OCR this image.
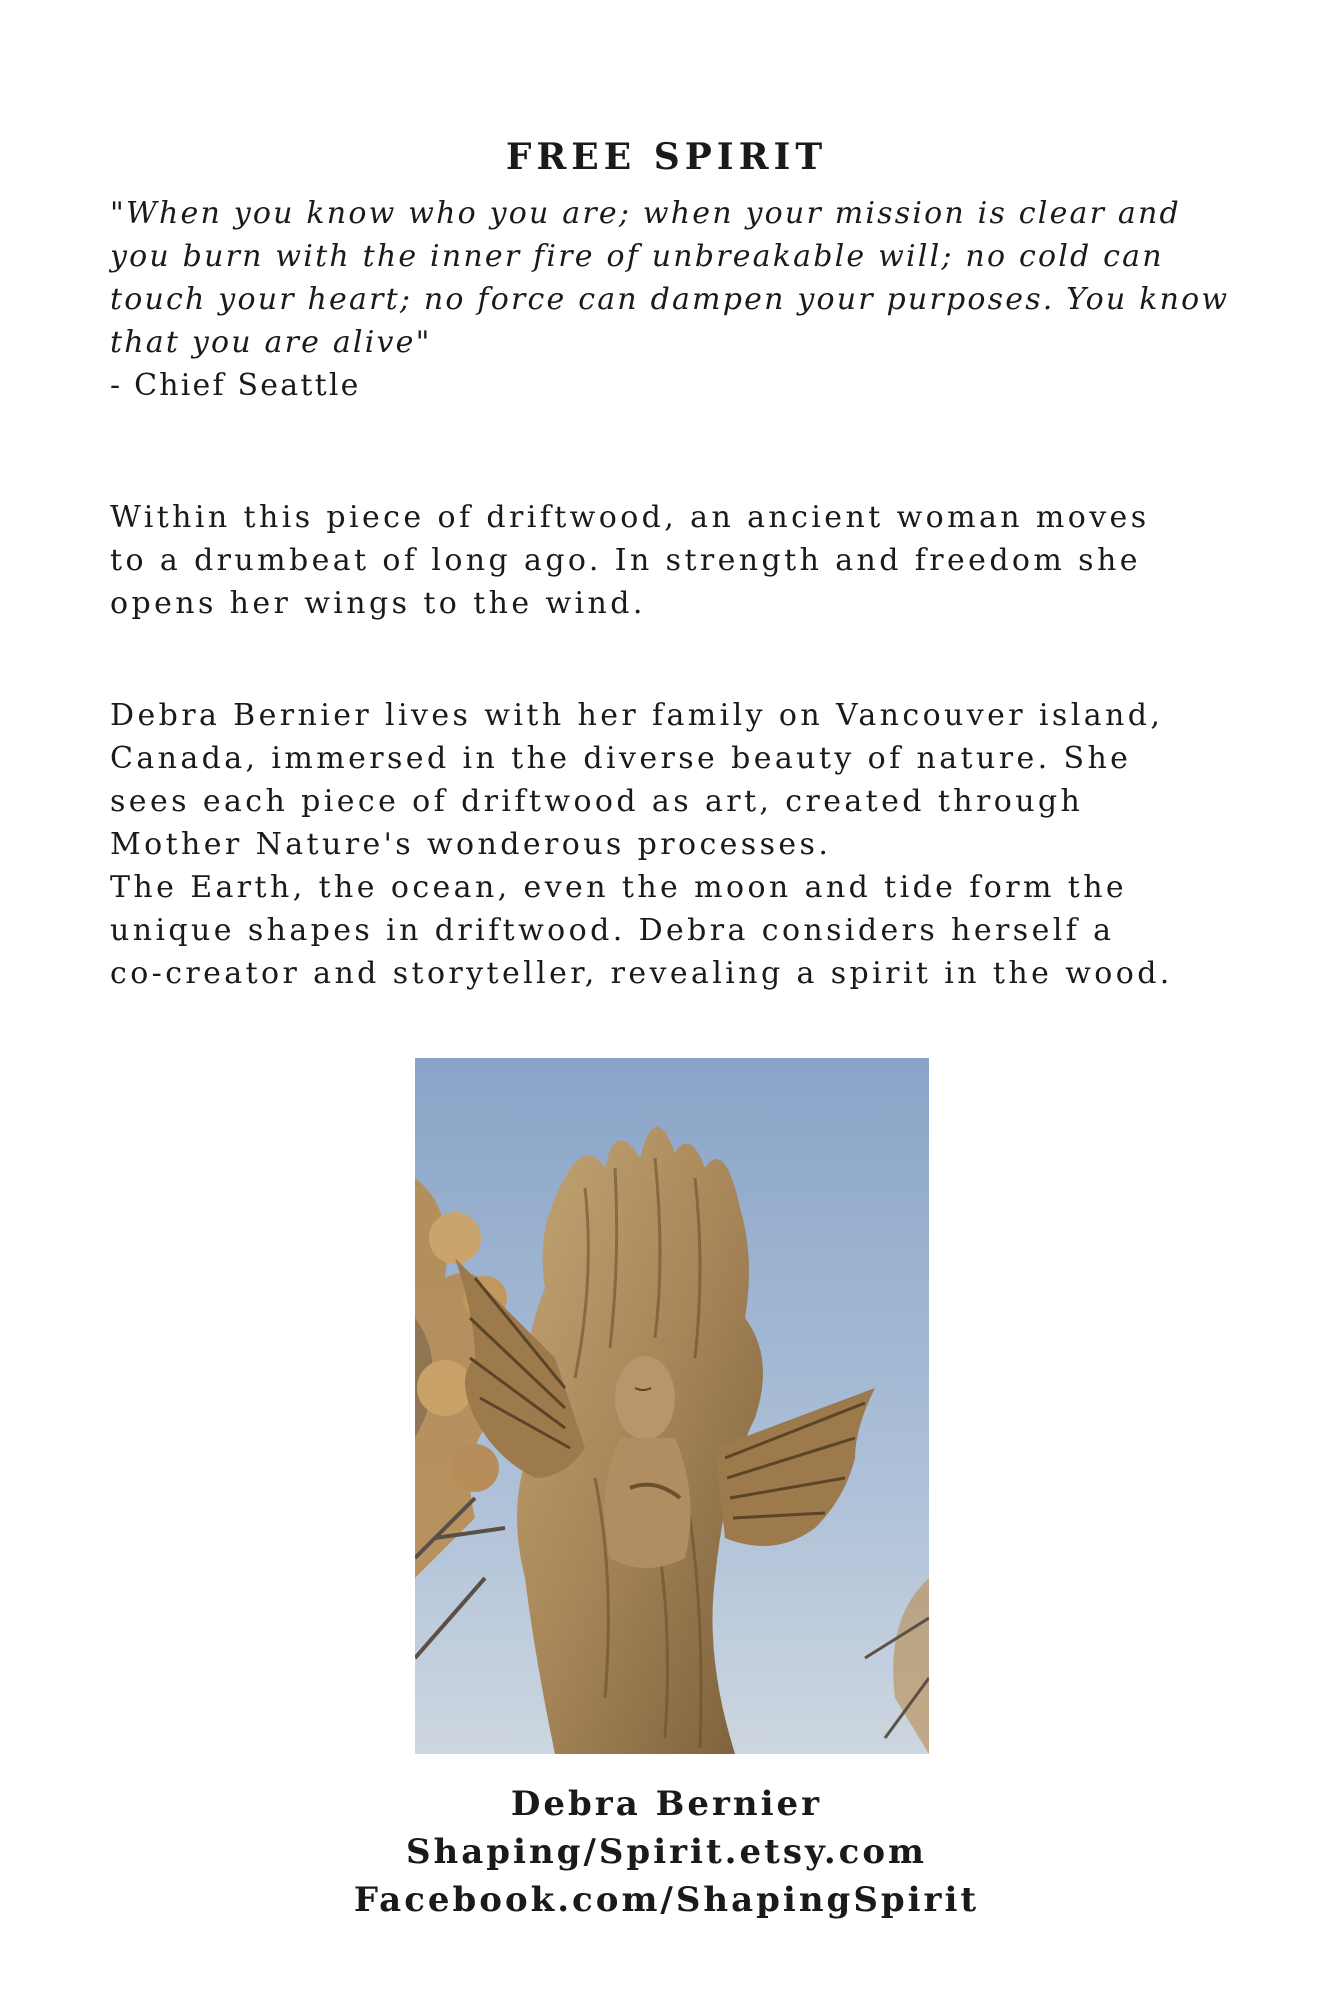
FREE SPIRIT
"When you know who you are; when your mission is clear and
you burn with the inner fire of unbreakable will; no cold can
touch your heart; no force can dampen your purposes. You know
that you are alive"
- Chief Seattle
Within this piece of driftwood, an ancient woman moves
to a drumbeat of long ago. In strength and freedom she
opens her wings to the wind.
Debra Bernier lives with her family on Vancouver island,
Canada, immersed in the diverse beauty of nature. She
sees each piece of driftwood as art, created through
Mother Nature's wonderous processes.
The Earth, the ocean, even the moon and tide form the
unique shapes in driftwood. Debra considers herself a
co-creator and storyteller, revealing a spirit in the wood.
Debra Bernier
Shaping/Spirit.etsy.com
Facebook.com/ShapingSpirit
